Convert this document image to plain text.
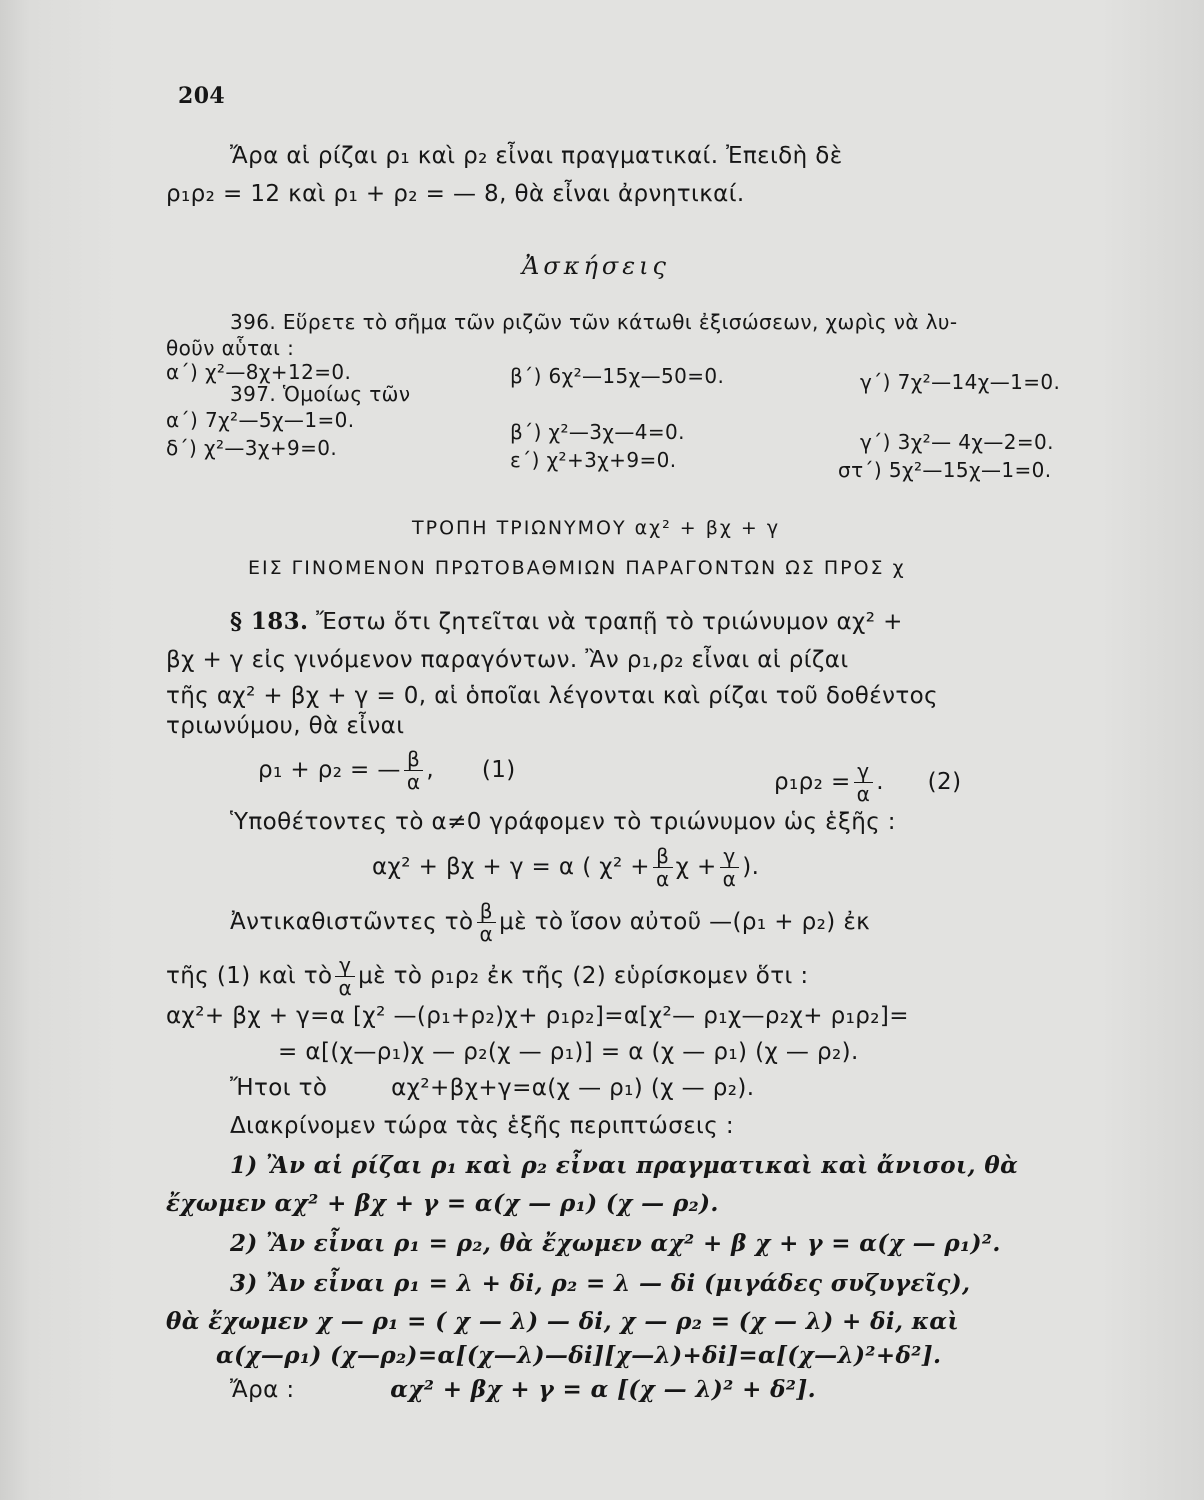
204
Ἄρα αἱ ρίζαι ρ₁ καὶ ρ₂ εἶναι πραγματικαί. Ἐπειδὴ δὲ
ρ₁ρ₂ = 12 καὶ ρ₁ + ρ₂ = — 8, θὰ εἶναι ἀρνητικαί.
Ἀσκήσεις
396. Εὕρετε τὸ σῆμα τῶν ριζῶν τῶν κάτωθι ἐξισώσεων, χωρὶς νὰ λυ-
θοῦν αὗται :
α΄) χ²—8χ+12=0.	β΄) 6χ²—15χ—50=0.	γ΄) 7χ²—14χ—1=0.
397. Ὁμοίως τῶν
α΄) 7χ²—5χ—1=0.	β΄) χ²—3χ—4=0.	γ΄) 3χ²— 4χ—2=0.
δ΄) χ²—3χ+9=0.	ε΄) χ²+3χ+9=0.	στ΄) 5χ²—15χ—1=0.
ΤΡΟΠΗ ΤΡΙΩΝΥΜΟΥ αχ² + βχ + γ
ΕΙΣ ΓΙΝΟΜΕΝΟΝ ΠΡΩΤΟΒΑΘΜΙΩΝ ΠΑΡΑΓΟΝΤΩΝ ΩΣ ΠΡΟΣ χ
§ 183. Ἔστω ὅτι ζητεῖται νὰ τραπῇ τὸ τριώνυμον αχ² +
βχ + γ εἰς γινόμενον παραγόντων. Ἂν ρ₁,ρ₂ εἶναι αἱ ρίζαι
τῆς αχ² + βχ + γ = 0, αἱ ὁποῖαι λέγονται καὶ ρίζαι τοῦ δοθέντος
τριωνύμου, θὰ εἶναι
ρ₁ + ρ₂ = — $\frac{\beta}{\alpha}$ , (1)	$\rho_1\rho_2 = \frac{\gamma}{\alpha}$ . (2)
Ὑποθέτοντες τὸ α≠0 γράφομεν τὸ τριώνυμον ὡς ἑξῆς :
αχ² + βχ + γ = α ( $\chi^2 + \frac{\beta}{\alpha}$ $\chi + \frac{\gamma}{\alpha}$ ).
Ἀντικαθιστῶντες τὸ $\frac{\beta}{\alpha}$ μὲ τὸ ἴσον αὐτοῦ —(ρ₁ + ρ₂) ἐκ
τῆς (1) καὶ τὸ $\frac{\gamma}{\alpha}$ μὲ τὸ ρ₁ρ₂ ἐκ τῆς (2) εὑρίσκομεν ὅτι :
αχ²+ βχ + γ=α [χ² —(ρ₁+ρ₂)χ+ ρ₁ρ₂]=α[χ²— ρ₁χ—ρ₂χ+ ρ₁ρ₂]=
= α[(χ—ρ₁)χ — ρ₂(χ — ρ₁)] = α (χ — ρ₁) (χ — ρ₂).
Ἤτοι τὸ	αχ²+βχ+γ=α(χ — ρ₁) (χ — ρ₂).
Διακρίνομεν τώρα τὰς ἑξῆς περιπτώσεις :
1) Ἂν αἱ ρίζαι ρ₁ καὶ ρ₂ εἶναι πραγματικαὶ καὶ ἄνισοι, θὰ
ἔχωμεν αχ² + βχ + γ = α(χ — ρ₁) (χ — ρ₂).
2) Ἂν εἶναι ρ₁ = ρ₂, θὰ ἔχωμεν αχ² + β χ + γ = α(χ — ρ₁)².
3) Ἂν εἶναι ρ₁ = λ + δi, ρ₂ = λ — δi (μιγάδες συζυγεῖς),
θὰ ἔχωμεν χ — ρ₁ = ( χ — λ) — δi, χ — ρ₂ = (χ — λ) + δi, καὶ
α(χ—ρ₁) (χ—ρ₂)=α[(χ—λ)—δi][χ—λ)+δi]=α[(χ—λ)²+δ²].
Ἄρα :	αχ² + βχ + γ = α [(χ — λ)² + δ²].
